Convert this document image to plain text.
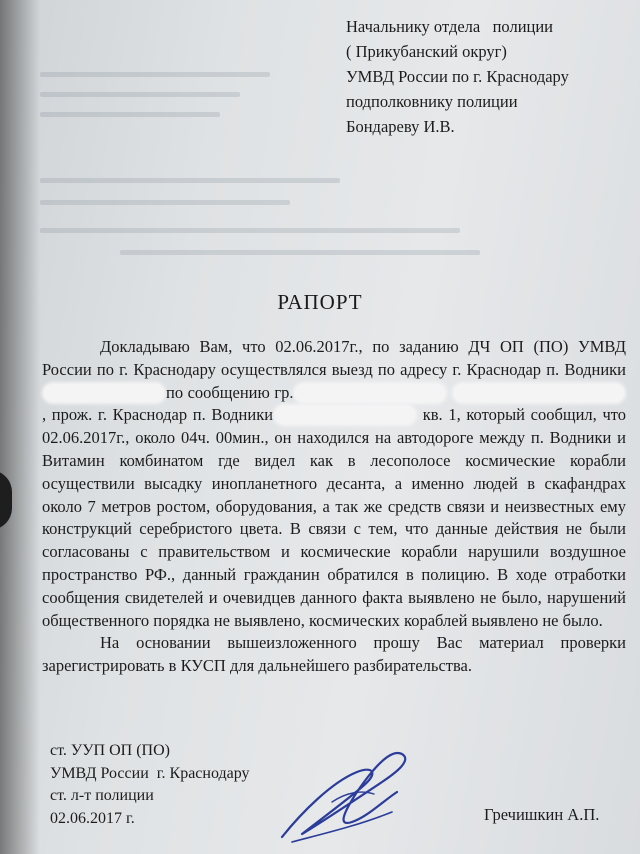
Начальнику отдела   полиции
( Прикубанский округ)
УМВД России по г. Краснодару
подполковнику полиции
Бондареву И.В.
РАПОРТ

Докладываю Вам, что 02.06.2017г., по заданию ДЧ ОП (ПО) УМВД России по г. Краснодару осуществлялся выезд по адресу г. Краснодар п. Водникипо сообщению гр. , прож. г. Краснодар п. Водники	кв. 1, который сообщил, что 02.06.2017г., около 04ч. 00мин., он находился на автодороге между п. Водники и Витамин комбинатом где видел как в лесополосе космические корабли осуществили высадку инопланетного десанта, а именно людей в скафандрах около 7 метров ростом, оборудования, а так же средств связи и неизвестных ему конструкций серебристого цвета. В связи с тем, что данные действия не были согласованы с правительством и космические корабли нарушили воздушное пространство РФ., данный гражданин обратился в полицию. В ходе отработки сообщения свидетелей и очевидцев данного факта выявлено не было, нарушений общественного порядка не выявлено, космических кораблей выявлено не было.

На основании вышеизложенного прошу Вас материал проверки зарегистрировать в КУСП для дальнейшего разбирательства.

ст. УУП ОП (ПО)
УМВД России  г. Краснодару
ст. л-т полиции
02.06.2017 г.	Гречишкин А.П.
